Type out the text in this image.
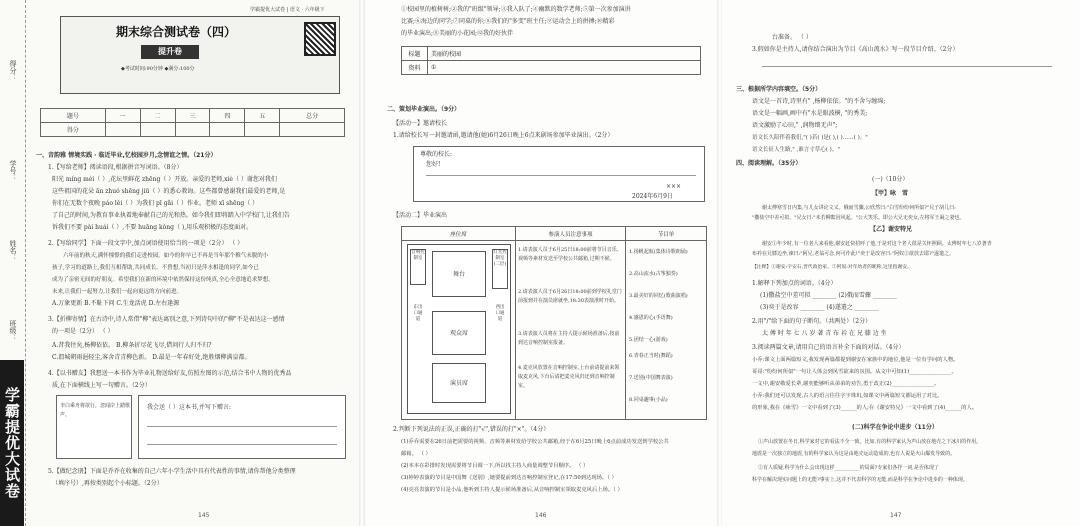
得分：
学号：
姓名：
班级：
学霸提优大试卷
学霸提优大试卷 | 语文 · 六年级下
期末综合测试卷（四）
提升卷
◆考试时间:90分钟 ◆满分:100分
题号	一	二	三	四	五	总分
得分						
一、音韵雅 情境实践 · 临近毕业,忆校园岁月,念情谊之情。（21分）
1.【写给老师】阅读语段,根据拼音写词语。（8分）
阳光 míng mèi（ ）,花坛里鲜花 zhēng（ ）开放。亲爱的老师,xiè（ ）谢您对我们
这些祖国的花朵 ān zhuó shēng jiū（ ）的悉心教诲。这些都曾感谢我们最爱的老师,是
你们在无数个夜晚 páo lěi（ ）为我们 pī gǎi（ ）作业。老师 xī shēng（ ）
了自己的时间,为教育事业执着地奉献自己的光和热。如今我们即将踏入中学校门,让我们告
诉我们不要 pài huái（ ）,不要 huāng kǒng（ ),用乐观积极的态度面对。
2.【写给同学】下面一段文字中,加点词语使用恰当的一项是（2分） （ ）
　　六年前的秋天,满怀憧憬的我们走进校园。如今的你早已不再是当年那个稚气未脱的小
孩子,学习的道路上,我们互相帮助,共同成长。不曾想,当初只是萍水相逢的同学,如今已
成为了亲密无间的好朋友。希望我们在新的环境中依然保持这份纯真,全心全意地追求梦想。
未来,让我们一起努力,让我们一起向更远的方向前进。
A.万象更新 B.不耻下问 C.生龙活虎 D.左右逢源
3.【折柳寄情】在古诗中,诗人常借"柳"表达离别之意,下列诗句中的"柳"不是表达这一感情
的一项是（2分） （ ）
A.昔我往矣,杨柳依依。 B.柳条折尽花飞尽,借问行人归不归?
C.渭城朝雨浥轻尘,客舍青青柳色新。 D.最是一年春好处,绝胜烟柳满皇都。
4.【以书赠友】我想送一本书作为毕业礼物送给好友,仿照左图的示范,结合书中人物的优秀品
质,在下面横线上写一句赠言。（2分）
李白乘舟将欲行，忽闻岸上踏歌声。
我会送（ ）这本书,并写下赠言:
5.【做纪念册】下面是乔乔在收集的自己六年小学生活中具有代表性的事情,请你帮他分类整理
（填序号）,再按类别起个小标题。（2分）
145
①校园里的植树树;②我的"班级"领导;③我入队了;④幽默的数学老师;⑤第一次参加演讲
比赛;⑥海边的同学;⑦同桌的你;⑧我们的"多变"班主任;⑨运动会上的拼搏;⑩精彩
的毕业演出;⑪美丽的小花园;⑫我的好伙伴
标题	美丽的校园
资料	①
二、策划毕业演出。（9分）
【活动一】邀请校长
1.请给校长写一封邀请函,邀请他(她)6月26日晚上6点来剧场参加毕业演出。（2分）
尊敬的校长:
您好!
×××
2024年6月9日
【活动二】毕业演出
座位席	参演人员注意事项	节目单

音响控制室
舞台
灯光控制室(二层)
观众席
演员席
东出口通道
西出口通道
1.请表演人员于6月25日18:00前将节目音乐、视频等素材发送至学校公共邮箱,过期不候。
2.请表演人员于6月26日18:00前到学校礼堂门前报到并在演员席就坐,18:30表演准时开始。
3.请表演人员将在主持人提示候场准备后,按前到达音响控制室报备。
4.麦克风放置在音响控制室,上台前请提前来领取麦克风,下台后请把麦克风归还到音响控制室。
1.扬帆起航(集体诗歌朗诵)
2.高山流水(古筝独奏)
3.最美好的回忆(歌曲演唱)
4.感恩的心(手语舞)
5.团结一心(游戏)
6.青春正当时(舞蹈)
7.送别(中国舞表演)
8.同桌趣事(小品)
2.判断下列说法的正误,正确的打"√",错误的打"×"。（4分）
(1)乔乔需要在26日前把需要的视频、音频等素材发给学校公共邮箱,经于在6月25日晚上6点前成功发送到学校公共
邮箱。 （ ）
(2)本本在彩排时发现需要将节目调一下,所以找主持人商量调整节目顺序。 （ ）
(3)婷婷表演的节目是中国舞《送别》,她要提前到达音响控制室登记,在17:50到达现场。（ ）
(4)亮亮表演的节目是小品,他听到主持人提示候场准备后,从音响控制室领取麦克风后上场。（ ）
146
台准备。 （ ）
3.假如你是主持人,请你结合演出为节目《高山流水》写一段节目介绍。（2分）
三、根据所学内容填空。（5分）
语文是一首诗,诗里有" ,杨柳依依。"的不舍与缠绵;
语文是一幅画,画中有"水是眼波横, "的秀美;
语文激励了心田," ,润物细无声";
语文长久陪伴着我们,"( )若( )是( ),( )……( )。"
语文长征人生路," ,谁言寸草心( )。"
四、阅读理解。（35分）
(一)（10分）
【甲】咏　雪
谢太傅寒雪日内集,与儿女讲论文义。俄而雪骤,公欣然曰:"白雪纷纷何所似?"兄子胡儿曰:
"撒盐空中差可拟。"兄女曰:"未若柳絮因风起。"公大笑乐。即公大兄无奕女,左将军王凝之妻也。
【乙】谢安特兄
谢安①年少时,有一位老人来看他,谢安赶快招呼了他,于是对这个老人很是关怀照顾。太傅时年七八岁著青
布衿在兄膝边坐,谏曰:"阿兄,老翁可念,何可作此!"奕于是改容曰:"阿奴②欲放去耶?"遂遣之。
【注释】①谢安:字安石,晋代政治家。②阿奴:对年幼者的昵称,这里指谢安。
1.解释下列加点的词语。（4分）
(1)撒盐空中差可拟 ________ (2)俄而雪骤 ________
(3)奕于是改容 ________ (4)遂遣之 ________
2.用"/"给下面的句子断句。（共两处）（2分）
太 傅 时 年 七 八 岁 著 青 布 衿 在 兄 膝 边 坐
3.阅读两篇文章,请用自己的语言补全下面的对话。（4分）
小乔:课文上面两篇短文,我发现两篇都提到谢安在家族中的地位,他是一位有学问的人物。
哥哥:"纷纷何所似"一句让人体会到风雪欲来的氛围。从文中可知(1)________________。
一文中,谢安敬爱长辈,谢奕能够听从弟弟的劝告,勇于改正(2)________________。
小乔:我们还可以发现,古人的语言往往字字珠玑,如课文中两篇短文都运用了对比。
的形象,我在《咏雪》一文中看到了(3)______的人;在《谢安特兄》一文中看到了(4)______的人。
(二)科学在争论中进步（11分）
①声山放置在冬日,科学家对它的看法不全一致。比如,有的科学家认为声山放在地壳之下冰川的作用。
地震是一次独立的地震,有的科学家认为这是由地壳运动造成的,也有人说是火山爆发导致的。
②有人质疑,科学为什么会出现这样__________的局面?专家们各抒一词,是否体现了
科学在解决现实问题上的无能?事实上,这并不代表科学的无能,而是科学在争论中进步的一种体现。
147
